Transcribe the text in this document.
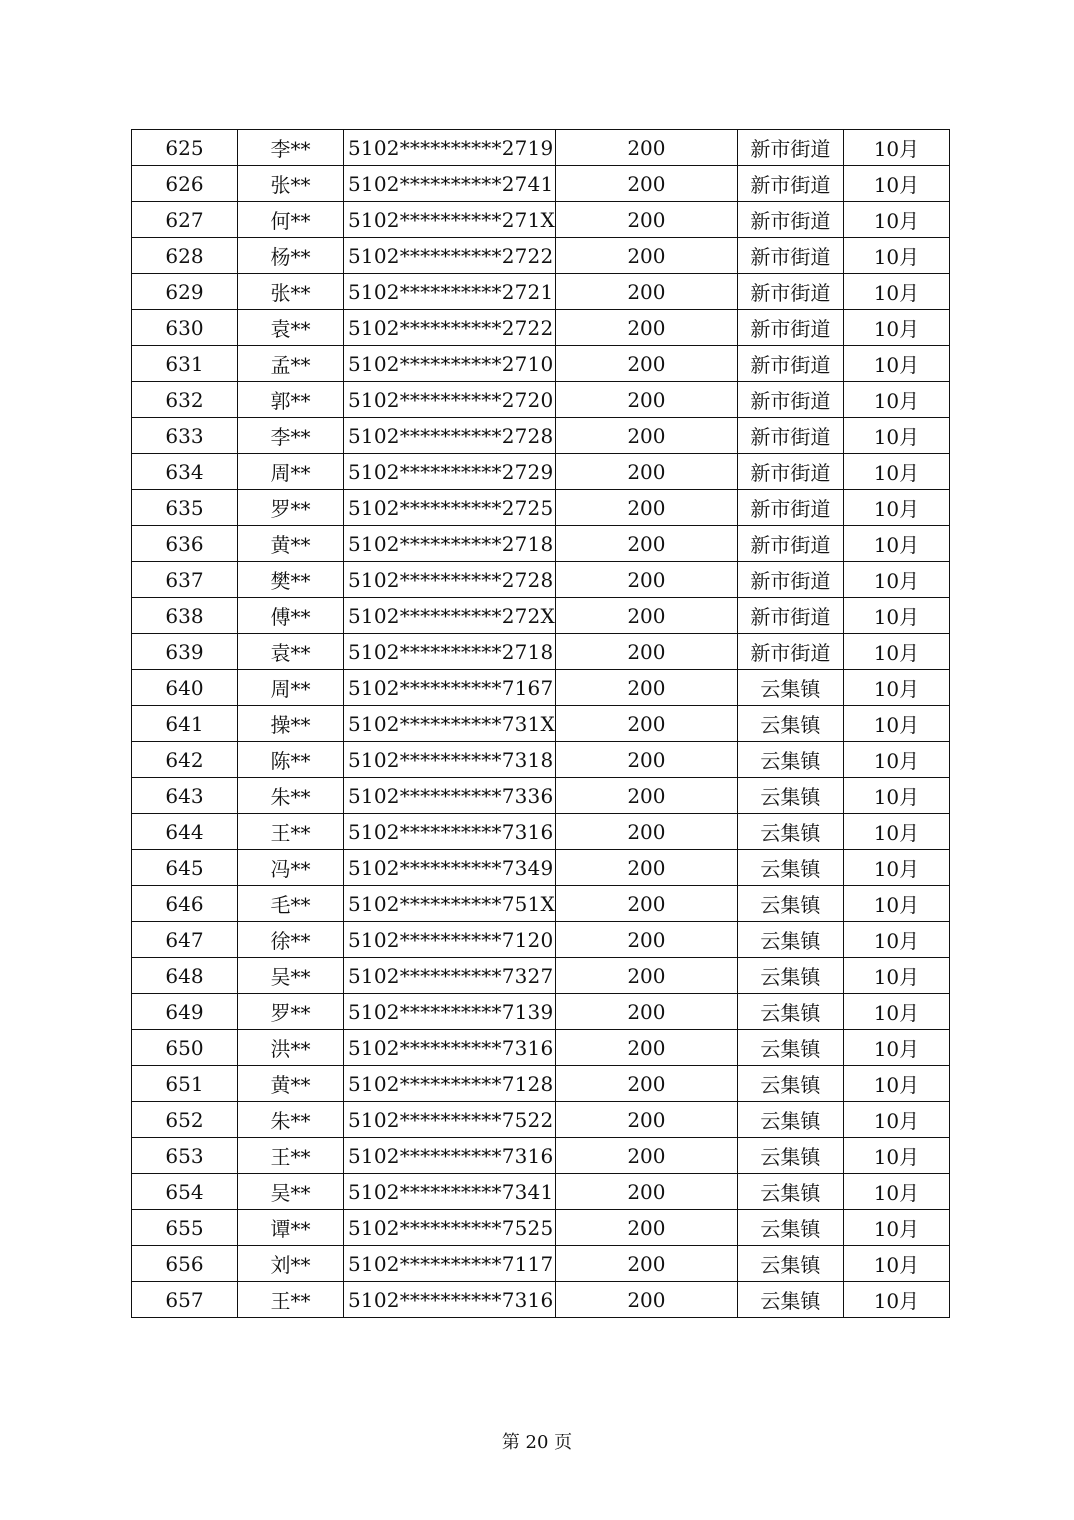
625	李**	5102**********2719	200	新市街道	10月
626	张**	5102**********2741	200	新市街道	10月
627	何**	5102**********271X	200	新市街道	10月
628	杨**	5102**********2722	200	新市街道	10月
629	张**	5102**********2721	200	新市街道	10月
630	袁**	5102**********2722	200	新市街道	10月
631	孟**	5102**********2710	200	新市街道	10月
632	郭**	5102**********2720	200	新市街道	10月
633	李**	5102**********2728	200	新市街道	10月
634	周**	5102**********2729	200	新市街道	10月
635	罗**	5102**********2725	200	新市街道	10月
636	黄**	5102**********2718	200	新市街道	10月
637	樊**	5102**********2728	200	新市街道	10月
638	傅**	5102**********272X	200	新市街道	10月
639	袁**	5102**********2718	200	新市街道	10月
640	周**	5102**********7167	200	云集镇	10月
641	操**	5102**********731X	200	云集镇	10月
642	陈**	5102**********7318	200	云集镇	10月
643	朱**	5102**********7336	200	云集镇	10月
644	王**	5102**********7316	200	云集镇	10月
645	冯**	5102**********7349	200	云集镇	10月
646	毛**	5102**********751X	200	云集镇	10月
647	徐**	5102**********7120	200	云集镇	10月
648	吴**	5102**********7327	200	云集镇	10月
649	罗**	5102**********7139	200	云集镇	10月
650	洪**	5102**********7316	200	云集镇	10月
651	黄**	5102**********7128	200	云集镇	10月
652	朱**	5102**********7522	200	云集镇	10月
653	王**	5102**********7316	200	云集镇	10月
654	吴**	5102**********7341	200	云集镇	10月
655	谭**	5102**********7525	200	云集镇	10月
656	刘**	5102**********7117	200	云集镇	10月
657	王**	5102**********7316	200	云集镇	10月
第 20 页
